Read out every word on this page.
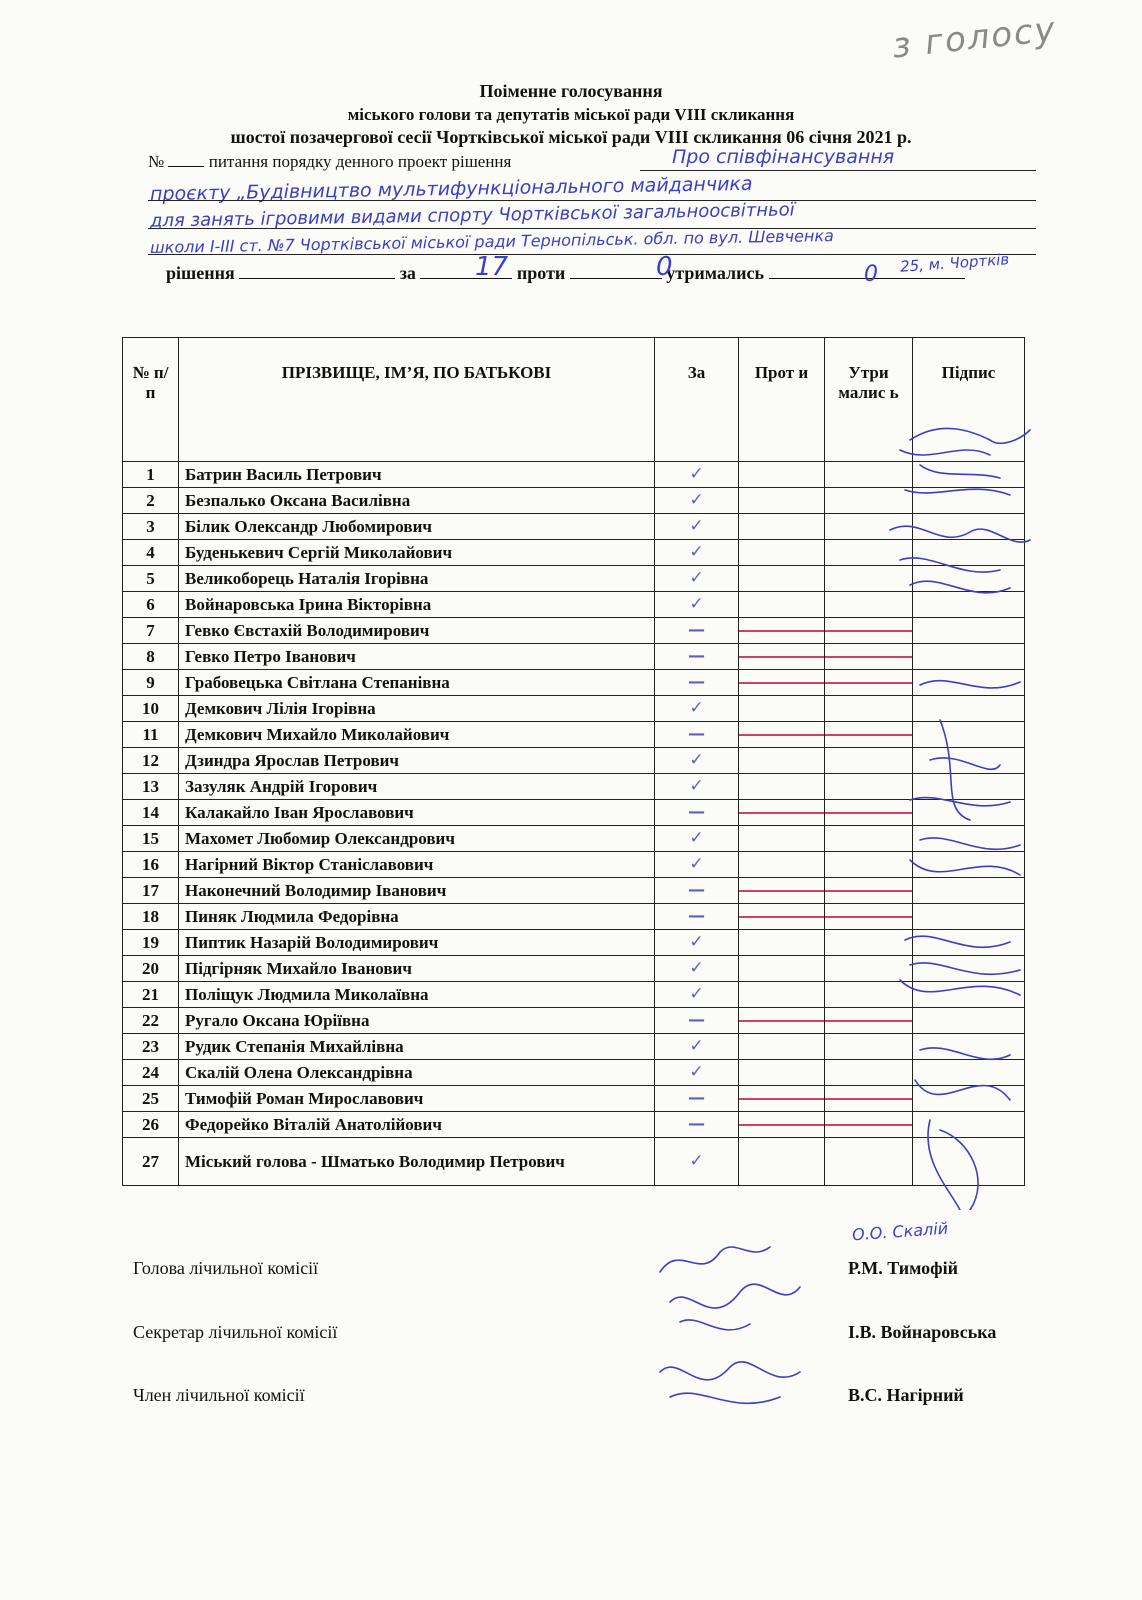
з голосу
Поіменне голосування
міського голови та депутатів міської ради VIII скликання
шостої позачергової сесії Чортківської міської ради VIII скликання 06 січня 2021 р.
№	питання порядку денного проект рішення	Про співфінансування
проєкту „Будівництво мультифункціонального майданчика
для занять ігровими видами спорту Чортківської загальноосвітньої
школи І-ІІІ ст. №7 Чортківської міської ради Тернопільськ. обл. по вул. Шевченка
25, м. Чортків
рішення	за	проти	утримались
17	0	0
№ п/п	ПРІЗВИЩЕ, ІМ’Я, ПО БАТЬКОВІ	За	Прот и	Утри малис ь	Підпис
1	Батрин Василь Петрович	✓			
2	Безпалько Оксана Василівна	✓			
3	Білик Олександр Любомирович	✓			
4	Буденькевич Сергій Миколайович	✓			
5	Великоборець Наталія Ігорівна	✓			
6	Войнаровська Ірина Вікторівна	✓			
7	Гевко Євстахій Володимирович	—	

8	Гевко Петро Іванович	—	

9	Грабовецька Світлана Степанівна	—	

10	Демкович Лілія Ігорівна	✓			
11	Демкович Михайло Миколайович	—	

12	Дзиндра Ярослав Петрович	✓			
13	Зазуляк Андрій Ігорович	✓			
14	Калакайло Іван Ярославович	—	

15	Махомет Любомир Олександрович	✓			
16	Нагірний Віктор Станіславович	✓			
17	Наконечний Володимир Іванович	—	

18	Пиняк Людмила Федорівна	—	

19	Пиптик Назарій Володимирович	✓			
20	Підгірняк Михайло Іванович	✓			
21	Поліщук Людмила Миколаївна	✓			
22	Ругало Оксана Юріївна	—	

23	Рудик Степанія Михайлівна	✓			
24	Скалій Олена Олександрівна	✓			
25	Тимофій Роман Мирославович	—	

26	Федорейко Віталій Анатолійович	—	

27	Міський голова - Шматько Володимир Петрович	✓			
Голова лічильної комісії	Р.М. Тимофій
О.О. Скалій
Секретар лічильної комісії	І.В. Войнаровська
Член лічильної комісії	В.С. Нагірний
